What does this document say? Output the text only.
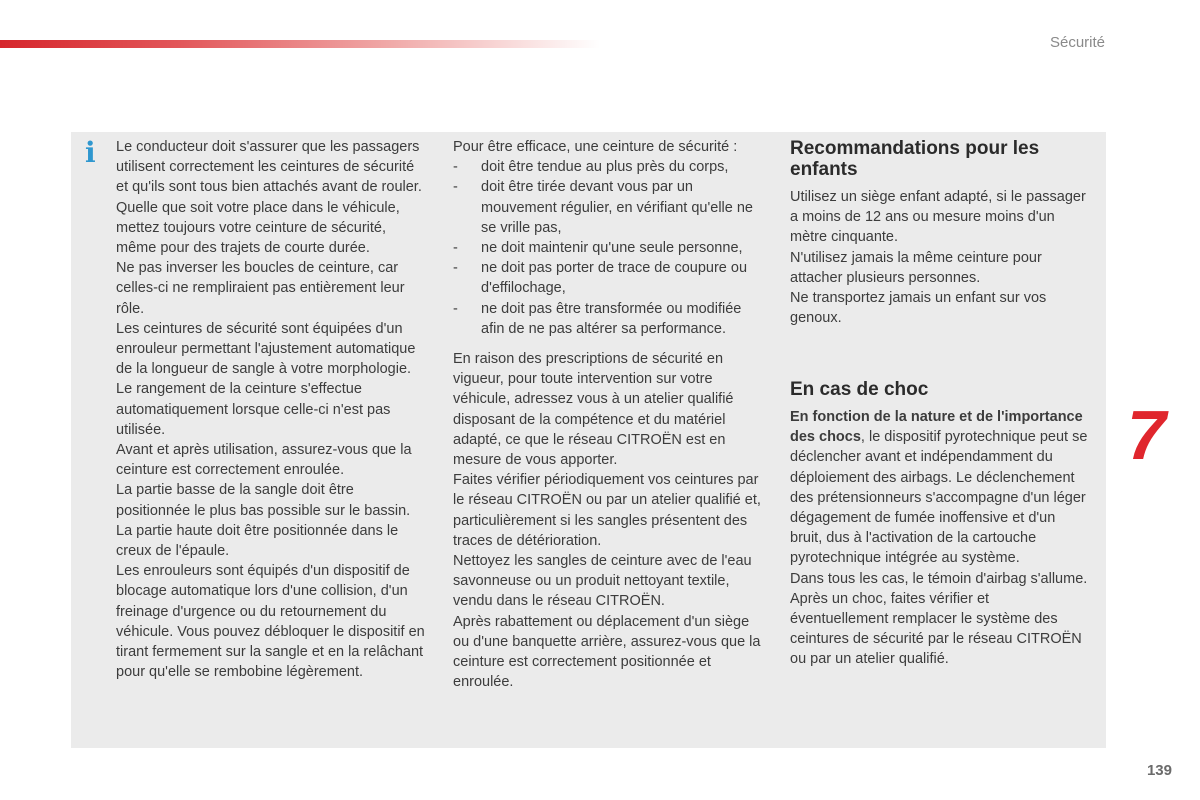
Sécurité
i Le conducteur doit s'assurer que les passagers utilisent correctement les ceintures de sécurité et qu'ils sont tous bien attachés avant de rouler.

Quelle que soit votre place dans le véhicule, mettez toujours votre ceinture de sécurité, même pour des trajets de courte durée.

Ne pas inverser les boucles de ceinture, car celles-ci ne rempliraient pas entièrement leur rôle.

Les ceintures de sécurité sont équipées d'un enrouleur permettant l'ajustement automatique de la longueur de sangle à votre morphologie. Le rangement de la ceinture s'effectue automatiquement lorsque celle-ci n'est pas utilisée.

Avant et après utilisation, assurez-vous que la ceinture est correctement enroulée.

La partie basse de la sangle doit être positionnée le plus bas possible sur le bassin.

La partie haute doit être positionnée dans le creux de l'épaule.

Les enrouleurs sont équipés d'un dispositif de blocage automatique lors d'une collision, d'un freinage d'urgence ou du retournement du véhicule. Vous pouvez débloquer le dispositif en tirant fermement sur la sangle et en la relâchant pour qu'elle se rembobine légèrement.

Pour être efficace, une ceinture de sécurité :

- doit être tendue au plus près du corps,
- doit être tirée devant vous par un mouvement régulier, en vérifiant qu'elle ne se vrille pas,
- ne doit maintenir qu'une seule personne,
- ne doit pas porter de trace de coupure ou d'effilochage,
- ne doit pas être transformée ou modifiée afin de ne pas altérer sa performance.

En raison des prescriptions de sécurité en vigueur, pour toute intervention sur votre véhicule, adressez vous à un atelier qualifié disposant de la compétence et du matériel adapté, ce que le réseau CITROËN est en mesure de vous apporter.

Faites vérifier périodiquement vos ceintures par le réseau CITROËN ou par un atelier qualifié et, particulièrement si les sangles présentent des traces de détérioration.

Nettoyez les sangles de ceinture avec de l'eau savonneuse ou un produit nettoyant textile, vendu dans le réseau CITROËN.

Après rabattement ou déplacement d'un siège ou d'une banquette arrière, assurez-vous que la ceinture est correctement positionnée et enroulée.

Recommandations pour les enfants

Utilisez un siège enfant adapté, si le passager a moins de 12 ans ou mesure moins d'un mètre cinquante.

N'utilisez jamais la même ceinture pour attacher plusieurs personnes.

Ne transportez jamais un enfant sur vos genoux.

En cas de choc

En fonction de la nature et de l'importance des chocs, le dispositif pyrotechnique peut se déclencher avant et indépendamment du déploiement des airbags. Le déclenchement des prétensionneurs s'accompagne d'un léger dégagement de fumée inoffensive et d'un bruit, dus à l'activation de la cartouche pyrotechnique intégrée au système.

Dans tous les cas, le témoin d'airbag s'allume.

Après un choc, faites vérifier et éventuellement remplacer le système des ceintures de sécurité par le réseau CITROËN ou par un atelier qualifié.

7
139
